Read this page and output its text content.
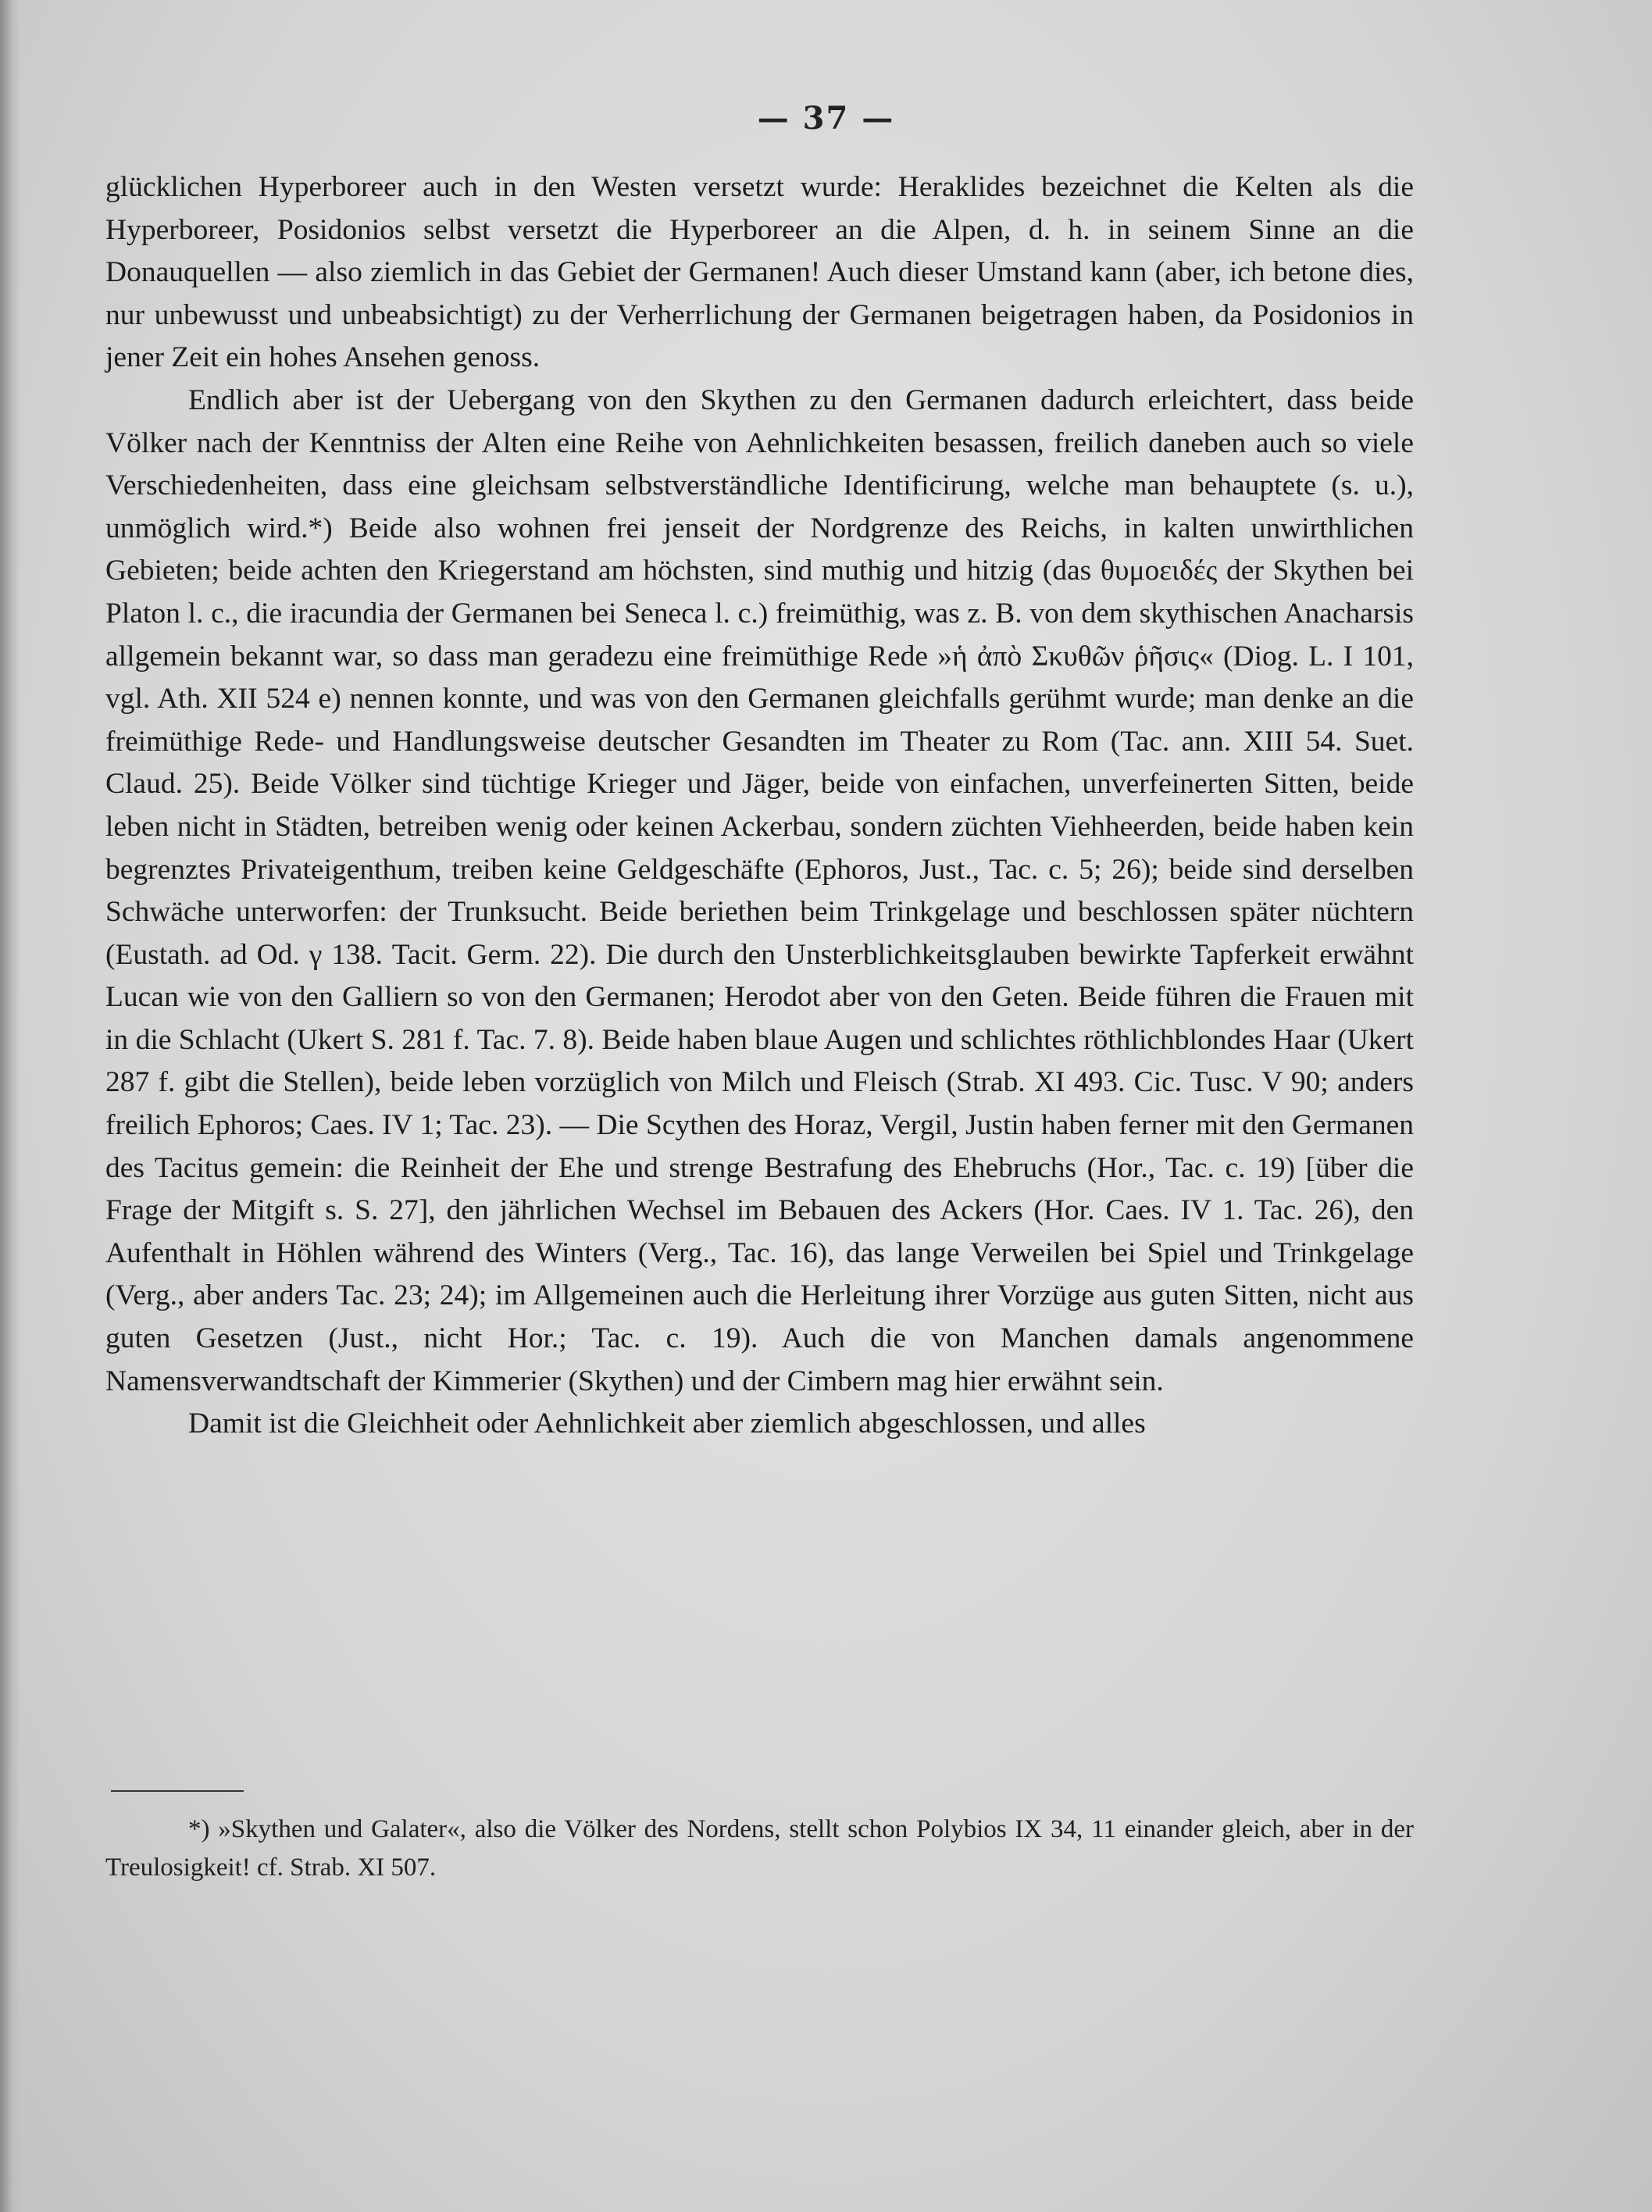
— 37 —

glücklichen Hyperboreer auch in den Westen versetzt wurde: Heraklides bezeichnet die Kelten als die Hyperboreer, Posidonios selbst versetzt die Hyperboreer an die Alpen, d. h. in seinem Sinne an die Donauquellen — also ziemlich in das Gebiet der Germanen! Auch dieser Umstand kann (aber, ich betone dies, nur unbewusst und unbeabsichtigt) zu der Verherrlichung der Germanen beigetragen haben, da Posidonios in jener Zeit ein hohes Ansehen genoss.

Endlich aber ist der Uebergang von den Skythen zu den Germanen dadurch erleichtert, dass beide Völker nach der Kenntniss der Alten eine Reihe von Aehnlichkeiten besassen, freilich daneben auch so viele Verschiedenheiten, dass eine gleichsam selbstverständliche Identificirung, welche man behauptete (s. u.), unmöglich wird.*) Beide also wohnen frei jenseit der Nordgrenze des Reichs, in kalten unwirthlichen Gebieten; beide achten den Kriegerstand am höchsten, sind muthig und hitzig (das θυμοειδές der Skythen bei Platon l. c., die iracundia der Germanen bei Seneca l. c.) freimüthig, was z. B. von dem skythischen Anacharsis allgemein bekannt war, so dass man geradezu eine freimüthige Rede »ἡ ἀπὸ Σκυθῶν ῥῆσις« (Diog. L. I 101, vgl. Ath. XII 524 e) nennen konnte, und was von den Germanen gleichfalls gerühmt wurde; man denke an die freimüthige Rede- und Handlungsweise deutscher Gesandten im Theater zu Rom (Tac. ann. XIII 54. Suet. Claud. 25). Beide Völker sind tüchtige Krieger und Jäger, beide von einfachen, unverfeinerten Sitten, beide leben nicht in Städten, betreiben wenig oder keinen Ackerbau, sondern züchten Viehheerden, beide haben kein begrenztes Privateigenthum, treiben keine Geldgeschäfte (Ephoros, Just., Tac. c. 5; 26); beide sind derselben Schwäche unterworfen: der Trunksucht. Beide beriethen beim Trinkgelage und beschlossen später nüchtern (Eustath. ad Od. γ 138. Tacit. Germ. 22). Die durch den Unsterblichkeitsglauben bewirkte Tapferkeit erwähnt Lucan wie von den Galliern so von den Germanen; Herodot aber von den Geten. Beide führen die Frauen mit in die Schlacht (Ukert S. 281 f. Tac. 7. 8). Beide haben blaue Augen und schlichtes röthlichblondes Haar (Ukert 287 f. gibt die Stellen), beide leben vorzüglich von Milch und Fleisch (Strab. XI 493. Cic. Tusc. V 90; anders freilich Ephoros; Caes. IV 1; Tac. 23). — Die Scythen des Horaz, Vergil, Justin haben ferner mit den Germanen des Tacitus gemein: die Reinheit der Ehe und strenge Bestrafung des Ehebruchs (Hor., Tac. c. 19) [über die Frage der Mitgift s. S. 27], den jährlichen Wechsel im Bebauen des Ackers (Hor. Caes. IV 1. Tac. 26), den Aufenthalt in Höhlen während des Winters (Verg., Tac. 16), das lange Verweilen bei Spiel und Trinkgelage (Verg., aber anders Tac. 23; 24); im Allgemeinen auch die Herleitung ihrer Vorzüge aus guten Sitten, nicht aus guten Gesetzen (Just., nicht Hor.; Tac. c. 19). Auch die von Manchen damals angenommene Namensverwandtschaft der Kimmerier (Skythen) und der Cimbern mag hier erwähnt sein.

Damit ist die Gleichheit oder Aehnlichkeit aber ziemlich abgeschlossen, und alles

*) »Skythen und Galater«, also die Völker des Nordens, stellt schon Polybios IX 34, 11 einander gleich, aber in der Treulosigkeit! cf. Strab. XI 507.
